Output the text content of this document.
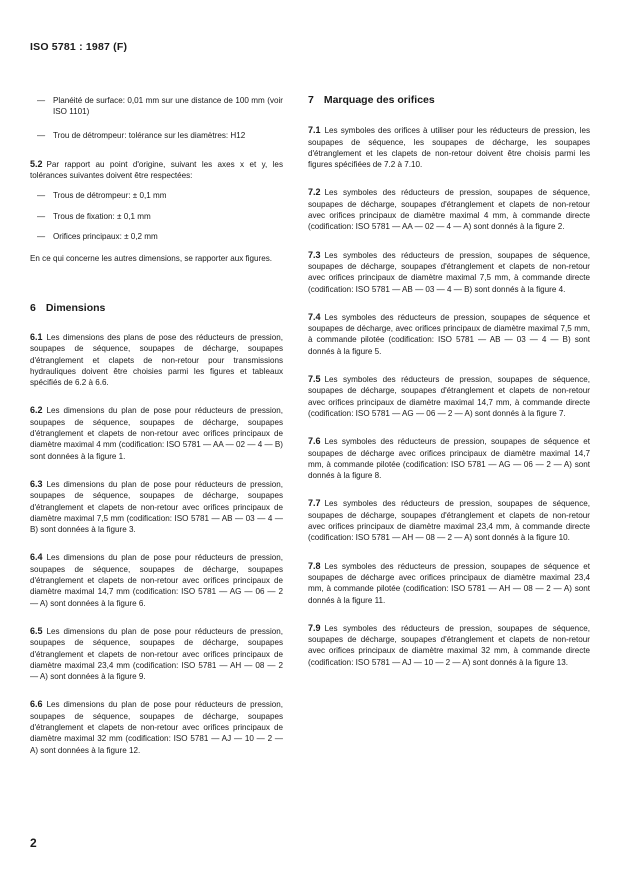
ISO 5781 : 1987 (F)
— Planéité de surface: 0,01 mm sur une distance de 100 mm (voir ISO 1101)
— Trou de détrompeur: tolérance sur les diamètres: H12

5.2 Par rapport au point d'origine, suivant les axes x et y, les tolérances suivantes doivent être respectées:

— Trous de détrompeur: ± 0,1 mm
— Trous de fixation: ± 0,1 mm
— Orifices principaux: ± 0,2 mm

En ce qui concerne les autres dimensions, se rapporter aux figures.

6 Dimensions

6.1 Les dimensions des plans de pose des réducteurs de pression, soupapes de séquence, soupapes de décharge, soupapes d'étranglement et clapets de non-retour pour transmissions hydrauliques doivent être choisies parmi les figures et tableaux spécifiés de 6.2 à 6.6.

6.2 Les dimensions du plan de pose pour réducteurs de pression, soupapes de séquence, soupapes de décharge, soupapes d'étranglement et clapets de non-retour avec orifices principaux de diamètre maximal 4 mm (codification: ISO 5781 — AA — 02 — 4 — B) sont données à la figure 1.

6.3 Les dimensions du plan de pose pour réducteurs de pression, soupapes de séquence, soupapes de décharge, soupapes d'étranglement et clapets de non-retour avec orifices principaux de diamètre maximal 7,5 mm (codification: ISO 5781 — AB — 03 — 4 — B) sont données à la figure 3.

6.4 Les dimensions du plan de pose pour réducteurs de pression, soupapes de séquence, soupapes de décharge, soupapes d'étranglement et clapets de non-retour avec orifices principaux de diamètre maximal 14,7 mm (codification: ISO 5781 — AG — 06 — 2 — A) sont données à la figure 6.

6.5 Les dimensions du plan de pose pour réducteurs de pression, soupapes de séquence, soupapes de décharge, soupapes d'étranglement et clapets de non-retour avec orifices principaux de diamètre maximal 23,4 mm (codification: ISO 5781 — AH — 08 — 2 — A) sont données à la figure 9.

6.6 Les dimensions du plan de pose pour réducteurs de pression, soupapes de séquence, soupapes de décharge, soupapes d'étranglement et clapets de non-retour avec orifices principaux de diamètre maximal 32 mm (codification: ISO 5781 — AJ — 10 — 2 — A) sont données à la figure 12.

7 Marquage des orifices

7.1 Les symboles des orifices à utiliser pour les réducteurs de pression, les soupapes de séquence, les soupapes de décharge, les soupapes d'étranglement et les clapets de non-retour doivent être choisis parmi les figures spécifiées de 7.2 à 7.10.

7.2 Les symboles des réducteurs de pression, soupapes de séquence, soupapes de décharge, soupapes d'étranglement et clapets de non-retour avec orifices principaux de diamètre maximal 4 mm, à commande directe (codification: ISO 5781 — AA — 02 — 4 — A) sont donnés à la figure 2.

7.3 Les symboles des réducteurs de pression, soupapes de séquence, soupapes de décharge, soupapes d'étranglement et clapets de non-retour avec orifices principaux de diamètre maximal 7,5 mm, à commande directe (codification: ISO 5781 — AB — 03 — 4 — B) sont donnés à la figure 4.

7.4 Les symboles des réducteurs de pression, soupapes de séquence et soupapes de décharge, avec orifices principaux de diamètre maximal 7,5 mm, à commande pilotée (codification: ISO 5781 — AB — 03 — 4 — B) sont donnés à la figure 5.

7.5 Les symboles des réducteurs de pression, soupapes de séquence, soupapes de décharge, soupapes d'étranglement et clapets de non-retour avec orifices principaux de diamètre maximal 14,7 mm, à commande directe (codification: ISO 5781 — AG — 06 — 2 — A) sont donnés à la figure 7.

7.6 Les symboles des réducteurs de pression, soupapes de séquence et soupapes de décharge avec orifices principaux de diamètre maximal 14,7 mm, à commande pilotée (codification: ISO 5781 — AG — 06 — 2 — A) sont donnés à la figure 8.

7.7 Les symboles des réducteurs de pression, soupapes de séquence, soupapes de décharge, soupapes d'étranglement et clapets de non-retour avec orifices principaux de diamètre maximal 23,4 mm, à commande directe (codification: ISO 5781 — AH — 08 — 2 — A) sont donnés à la figure 10.

7.8 Les symboles des réducteurs de pression, soupapes de séquence et soupapes de décharge avec orifices principaux de diamètre maximal 23,4 mm, à commande pilotée (codification: ISO 5781 — AH — 08 — 2 — A) sont donnés à la figure 11.

7.9 Les symboles des réducteurs de pression, soupapes de séquence, soupapes de décharge, soupapes d'étranglement et clapets de non-retour avec orifices principaux de diamètre maximal 32 mm, à commande directe (codification: ISO 5781 — AJ — 10 — 2 — A) sont donnés à la figure 13.

2
